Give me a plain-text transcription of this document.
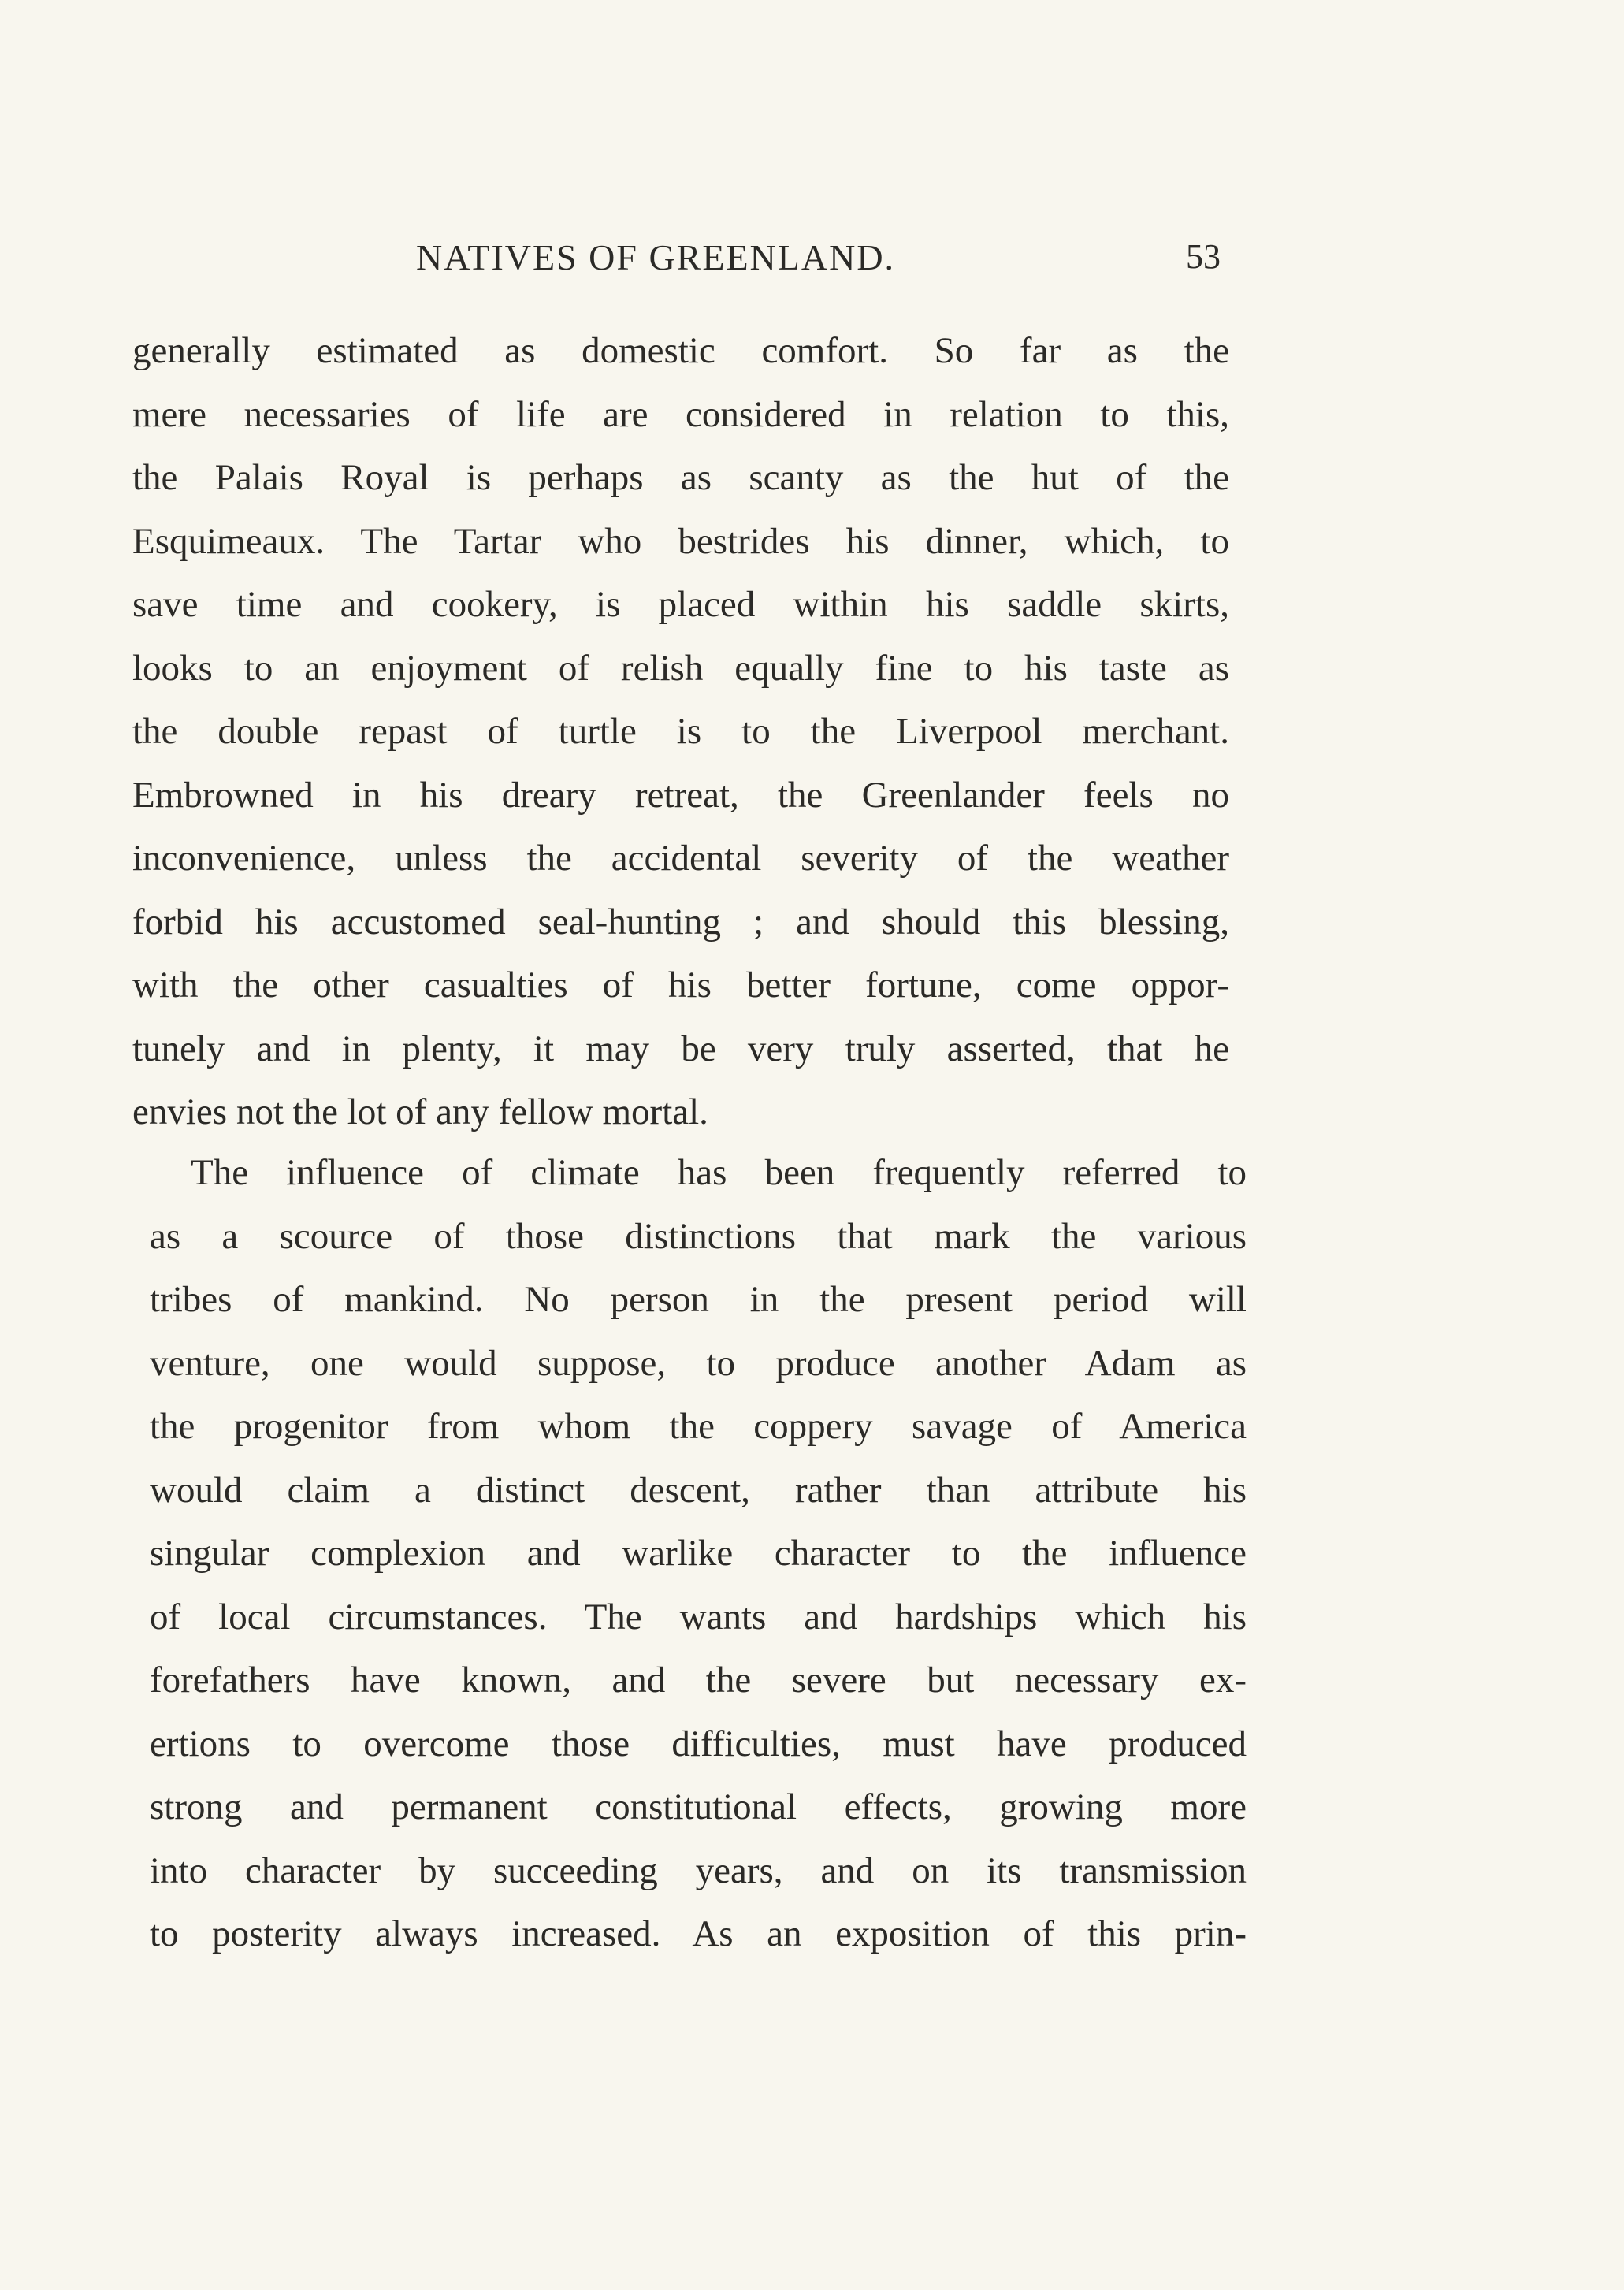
NATIVES OF GREENLAND.	53
generally estimated as domestic comfort. So far as the
mere necessaries of life are considered in relation to this,
the Palais Royal is perhaps as scanty as the hut of the
Esquimeaux. The Tartar who bestrides his dinner, which, to
save time and cookery, is placed within his saddle skirts,
looks to an enjoyment of relish equally fine to his taste as
the double repast of turtle is to the Liverpool merchant.
Embrowned in his dreary retreat, the Greenlander feels no
inconvenience, unless the accidental severity of the weather
forbid his accustomed seal-hunting ; and should this blessing,
with the other casualties of his better fortune, come oppor-
tunely and in plenty, it may be very truly asserted, that he
envies not the lot of any fellow mortal.
The influence of climate has been frequently referred to
as a scource of those distinctions that mark the various
tribes of mankind. No person in the present period will
venture, one would suppose, to produce another Adam as
the progenitor from whom the coppery savage of America
would claim a distinct descent, rather than attribute his
singular complexion and warlike character to the influence
of local circumstances. The wants and hardships which his
forefathers have known, and the severe but necessary ex-
ertions to overcome those difficulties, must have produced
strong and permanent constitutional effects, growing more
into character by succeeding years, and on its transmission
to posterity always increased. As an exposition of this prin-
